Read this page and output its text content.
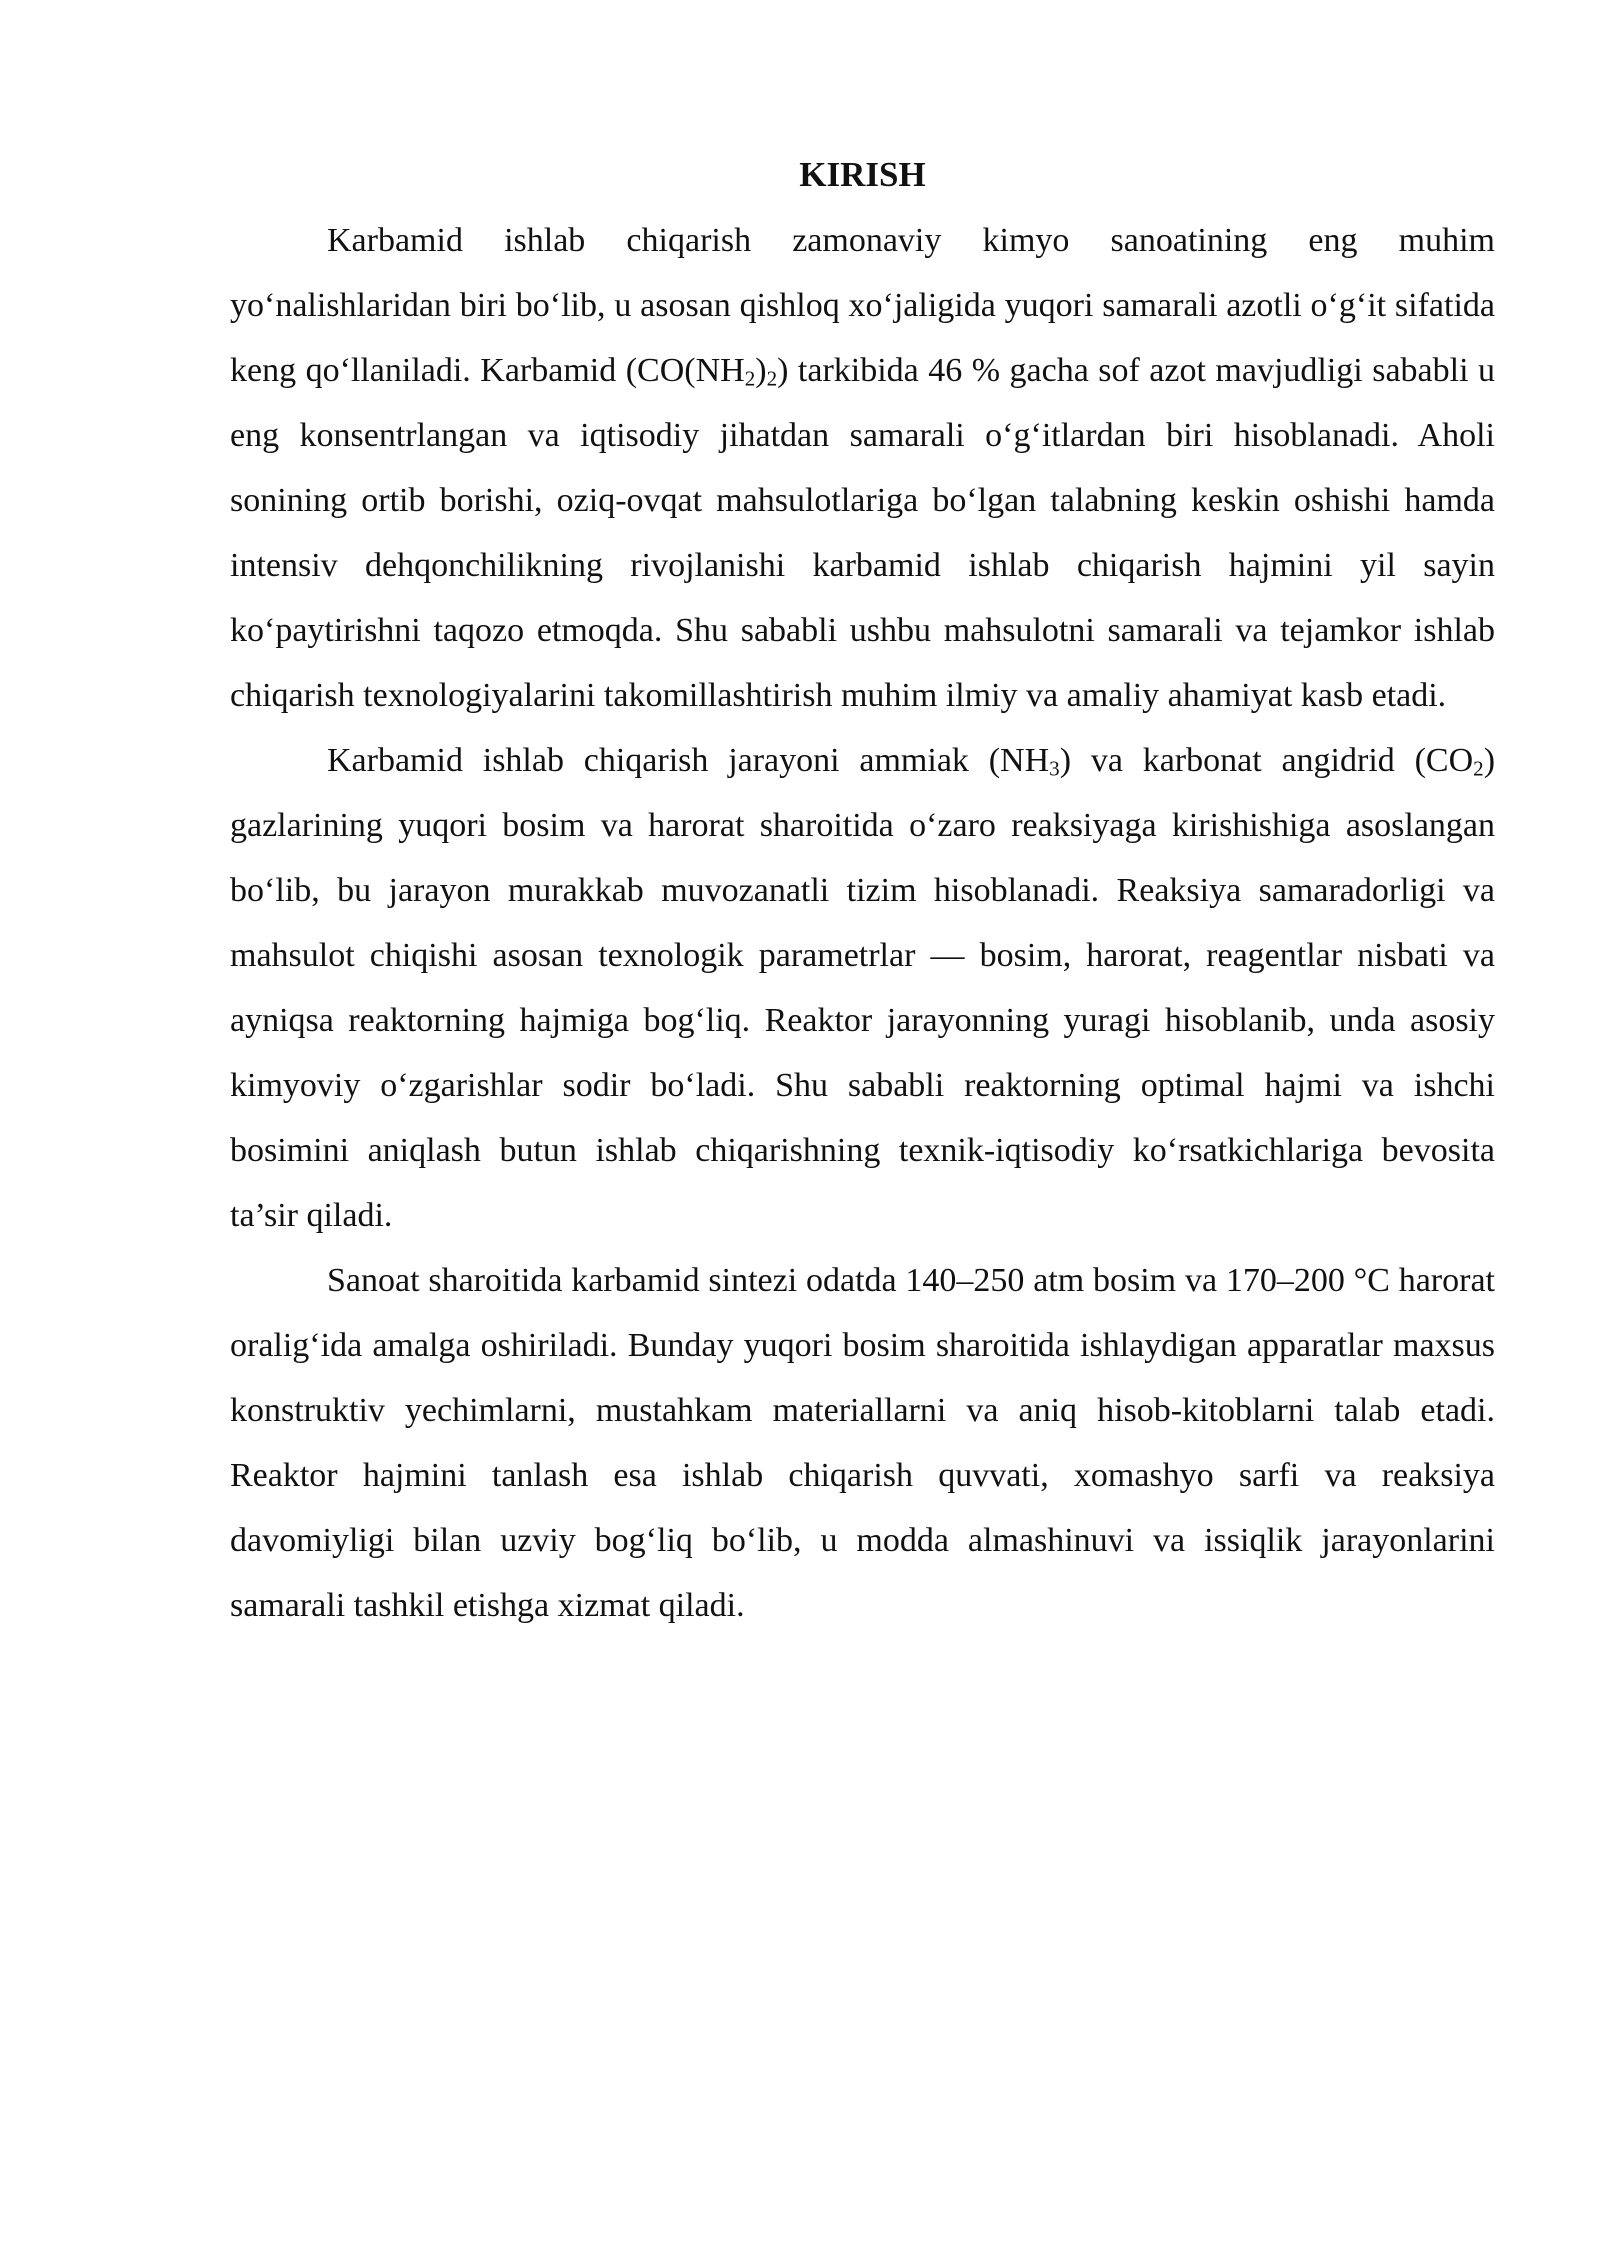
KIRISH

Karbamid ishlab chiqarish zamonaviy kimyo sanoatining eng muhim yo‘nalishlaridan biri bo‘lib, u asosan qishloq xo‘jaligida yuqori samarali azotli o‘g‘it sifatida keng qo‘llaniladi. Karbamid $(CO(NH_2)_2)$ tarkibida 46 % gacha sof azot mavjudligi sababli u eng konsentrlangan va iqtisodiy jihatdan samarali o‘g‘itlardan biri hisoblanadi. Aholi sonining ortib borishi, oziq-ovqat mahsulotlariga bo‘lgan talabning keskin oshishi hamda intensiv dehqonchilikning rivojlanishi karbamid ishlab chiqarish hajmini yil sayin ko‘paytirishni taqozo etmoqda. Shu sababli ushbu mahsulotni samarali va tejamkor ishlab chiqarish texnologiyalarini takomillashtirish muhim ilmiy va amaliy ahamiyat kasb etadi.

Karbamid ishlab chiqarish jarayoni ammiak $(NH_3)$ va karbonat angidrid $(CO_2)$ gazlarining yuqori bosim va harorat sharoitida o‘zaro reaksiyaga kirishishiga asoslangan bo‘lib, bu jarayon murakkab muvozanatli tizim hisoblanadi. Reaksiya samaradorligi va mahsulot chiqishi asosan texnologik parametrlar — bosim, harorat, reagentlar nisbati va ayniqsa reaktorning hajmiga bog‘liq. Reaktor jarayonning yuragi hisoblanib, unda asosiy kimyoviy o‘zgarishlar sodir bo‘ladi. Shu sababli reaktorning optimal hajmi va ishchi bosimini aniqlash butun ishlab chiqarishning texnik-iqtisodiy ko‘rsatkichlariga bevosita ta’sir qiladi.

Sanoat sharoitida karbamid sintezi odatda 140–250 atm bosim va 170–200 °C harorat oralig‘ida amalga oshiriladi. Bunday yuqori bosim sharoitida ishlaydigan apparatlar maxsus konstruktiv yechimlarni, mustahkam materiallarni va aniq hisob-kitoblarni talab etadi. Reaktor hajmini tanlash esa ishlab chiqarish quvvati, xomashyo sarfi va reaksiya davomiyligi bilan uzviy bog‘liq bo‘lib, u modda almashinuvi va issiqlik jarayonlarini samarali tashkil etishga xizmat qiladi.
